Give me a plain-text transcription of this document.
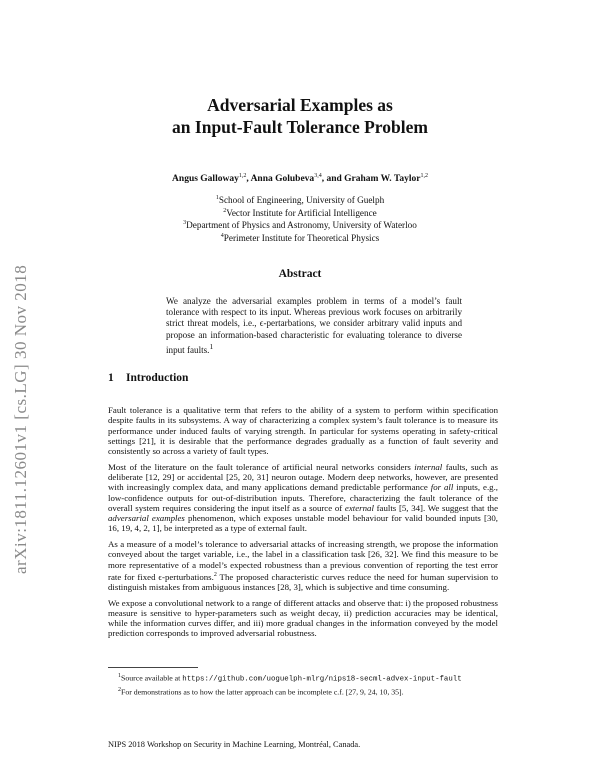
arXiv:1811.12601v1 [cs.LG] 30 Nov 2018
Adversarial Examples as
an Input-Fault Tolerance Problem
Angus Galloway$^{1,2}$, Anna Golubeva$^{3,4}$, and Graham W. Taylor$^{1,2}$
$^1$School of Engineering, University of Guelph
$^2$Vector Institute for Artificial Intelligence
$^3$Department of Physics and Astronomy, University of Waterloo
$^4$Perimeter Institute for Theoretical Physics
Abstract
We analyze the adversarial examples problem in terms of a model’s fault tolerance with respect to its input. Whereas previous work focuses on arbitrarily strict threat models, i.e., ϵ-pertarbations, we consider arbitrary valid inputs and propose an information-based characteristic for evaluating tolerance to diverse input faults.$^1$
1 Introduction

Fault tolerance is a qualitative term that refers to the ability of a system to perform within specification despite faults in its subsystems. A way of characterizing a complex system’s fault tolerance is to measure its performance under induced faults of varying strength. In particular for systems operating in safety-critical settings [21], it is desirable that the performance degrades gradually as a function of fault severity and consistently so across a variety of fault types.

Most of the literature on the fault tolerance of artificial neural networks considers internal faults, such as deliberate [12, 29] or accidental [25, 20, 31] neuron outage. Modern deep networks, however, are presented with increasingly complex data, and many applications demand predictable performance for all inputs, e.g., low-confidence outputs for out-of-distribution inputs. Therefore, characterizing the fault tolerance of the overall system requires considering the input itself as a source of external faults [5, 34]. We suggest that the adversarial examples phenomenon, which exposes unstable model behaviour for valid bounded inputs [30, 16, 19, 4, 2, 1], be interpreted as a type of external fault.

As a measure of a model’s tolerance to adversarial attacks of increasing strength, we propose the information conveyed about the target variable, i.e., the label in a classification task [26, 32]. We find this measure to be more representative of a model’s expected robustness than a previous convention of reporting the test error rate for fixed ϵ-perturbations.$^2$ The proposed characteristic curves reduce the need for human supervision to distinguish mistakes from ambiguous instances [28, 3], which is subjective and time consuming.

We expose a convolutional network to a range of different attacks and observe that: i) the proposed robustness measure is sensitive to hyper-parameters such as weight decay, ii) prediction accuracies may be identical, while the information curves differ, and iii) more gradual changes in the information conveyed by the model prediction corresponds to improved adversarial robustness.

$^1$Source available at https://github.com/uoguelph-mlrg/nips18-secml-advex-input-fault
$^2$For demonstrations as to how the latter approach can be incomplete c.f. [27, 9, 24, 10, 35].
NIPS 2018 Workshop on Security in Machine Learning, Montréal, Canada.
